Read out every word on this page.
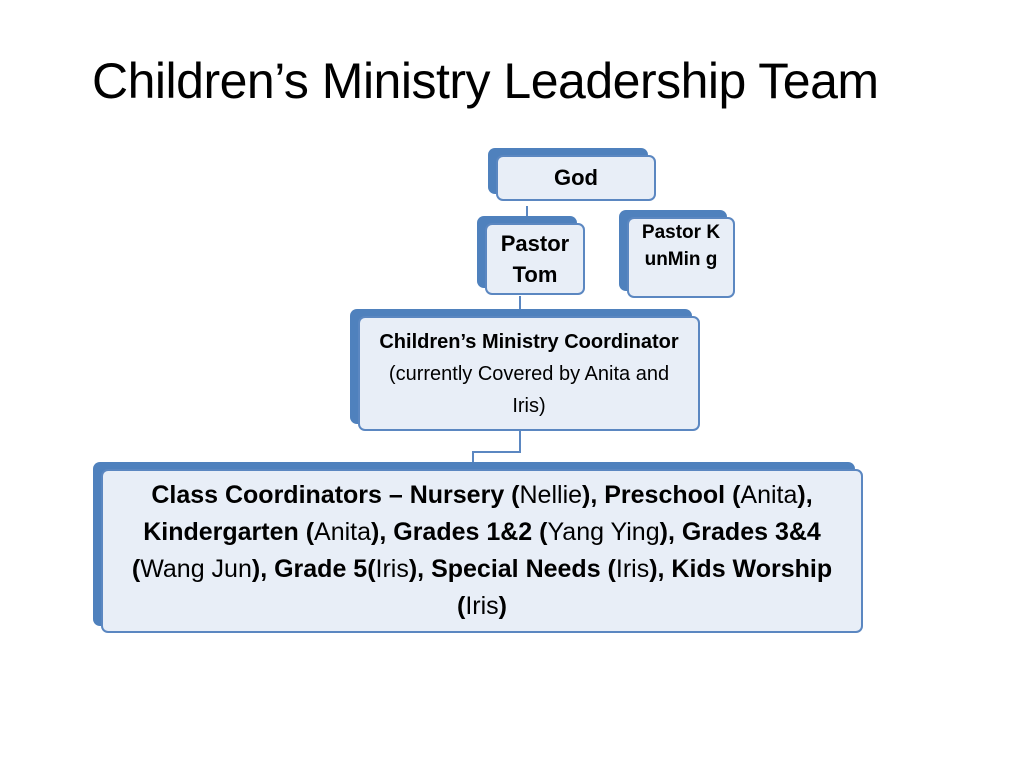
Children’s Ministry Leadership Team
God
Pastor Tom
Pastor KunMin g
Children’s Ministry Coordinator (currently Covered by Anita and Iris)
Class Coordinators – Nursery (Nellie), Preschool (Anita), Kindergarten (Anita), Grades 1&2 (Yang Ying), Grades 3&4 (Wang Jun), Grade 5(Iris), Special Needs (Iris), Kids Worship (Iris)
